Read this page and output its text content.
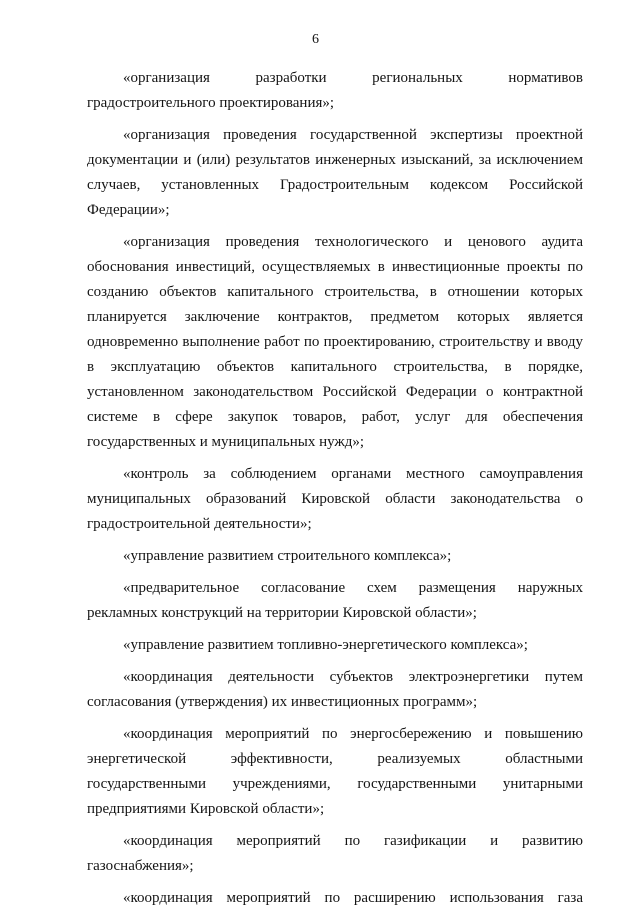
6

«организация разработки региональных нормативов градостроительного проектирования»;

«организация проведения государственной экспертизы проектной документации и (или) результатов инженерных изысканий, за исключением случаев, установленных Градостроительным кодексом Российской Федерации»;

«организация проведения технологического и ценового аудита обоснования инвестиций, осуществляемых в инвестиционные проекты по созданию объектов капитального строительства, в отношении которых планируется заключение контрактов, предметом которых является одновременно выполнение работ по проектированию, строительству и вводу в эксплуатацию объектов капитального строительства, в порядке, установленном законодательством Российской Федерации о контрактной системе в сфере закупок товаров, работ, услуг для обеспечения государственных и муниципальных нужд»;

«контроль за соблюдением органами местного самоуправления муниципальных образований Кировской области законодательства о градостроительной деятельности»;

«управление развитием строительного комплекса»;

«предварительное согласование схем размещения наружных рекламных конструкций на территории Кировской области»;

«управление развитием топливно-энергетического комплекса»;

«координация деятельности субъектов электроэнергетики путем согласования (утверждения) их инвестиционных программ»;

«координация мероприятий по энергосбережению и повышению энергетической эффективности, реализуемых областными государственными учреждениями, государственными унитарными предприятиями Кировской области»;

«координация мероприятий по газификации и развитию газоснабжения»;

«координация мероприятий по расширению использования газа
